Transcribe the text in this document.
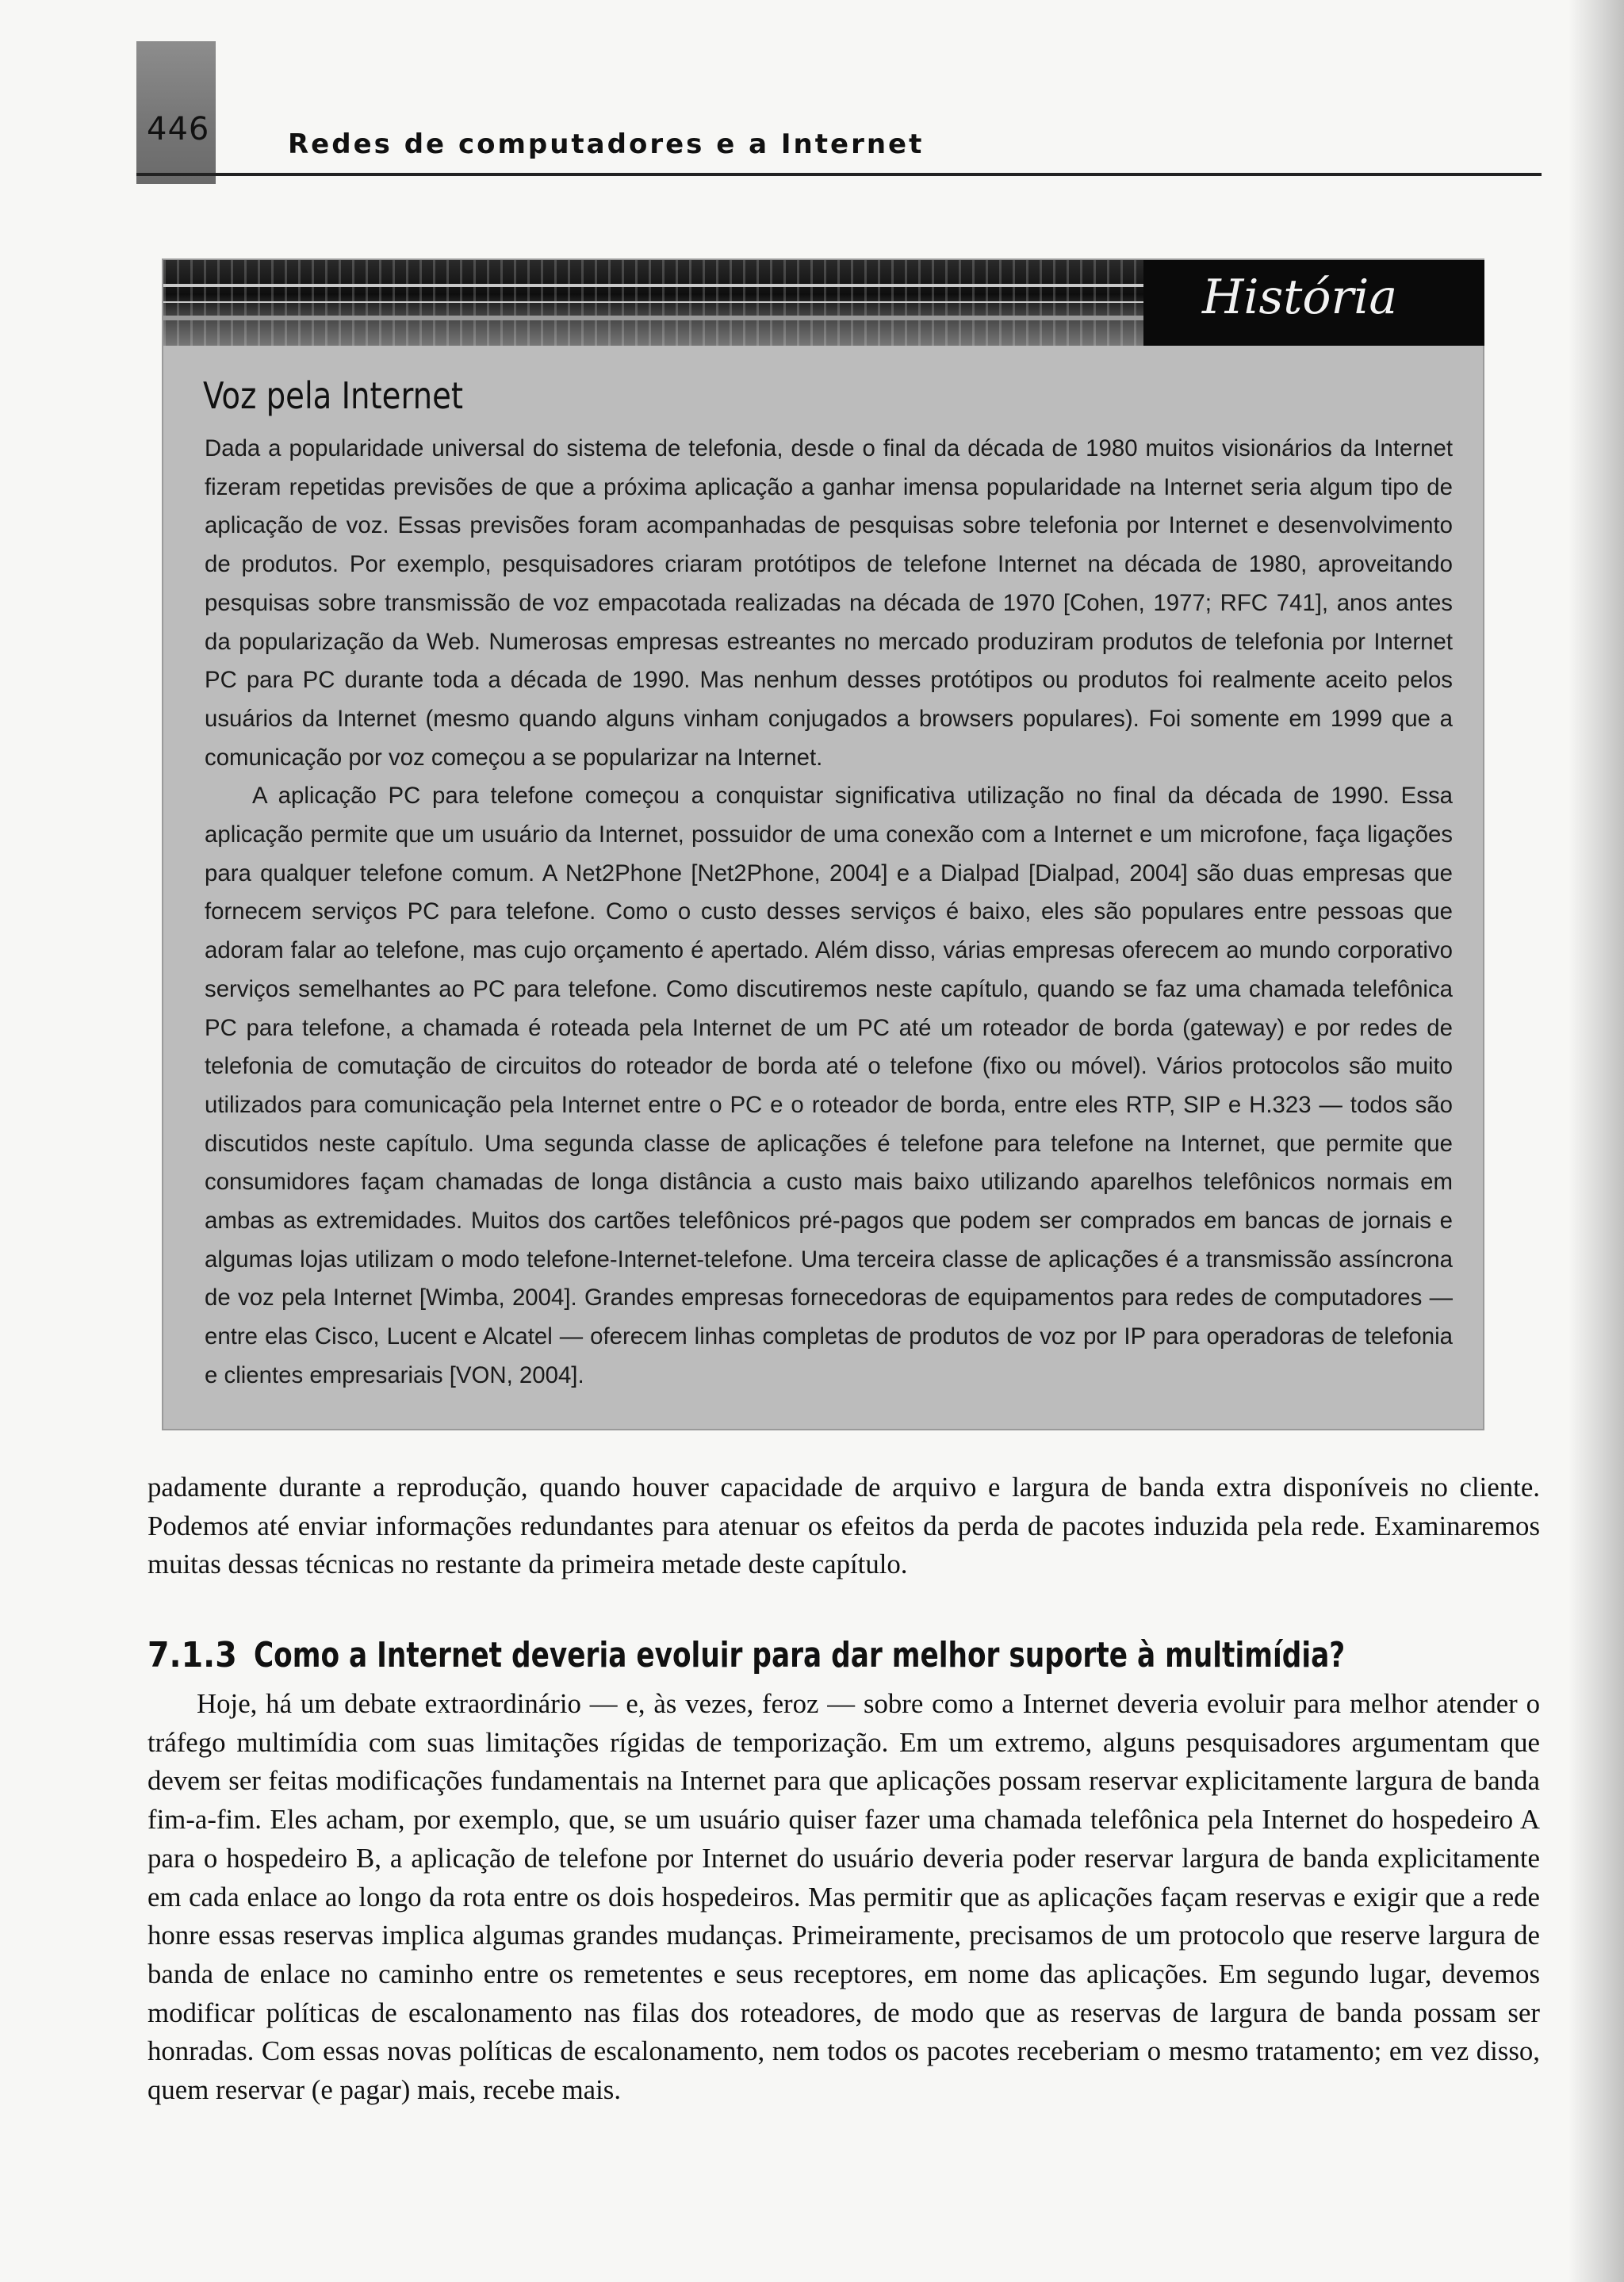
446	Redes de computadores e a Internet
História
Voz pela Internet

Dada a popularidade universal do sistema de telefonia, desde o final da década de 1980 muitos visionários da Internet fizeram repetidas previsões de que a próxima aplicação a ganhar imensa popularidade na Internet seria algum tipo de aplicação de voz. Essas previsões foram acompanhadas de pesquisas sobre telefonia por Internet e desenvolvimento de produtos. Por exemplo, pesquisadores criaram protótipos de telefone Internet na década de 1980, aproveitando pesquisas sobre transmissão de voz empacotada realizadas na década de 1970 [Cohen, 1977; RFC 741], anos antes da popularização da Web. Numerosas empresas estreantes no mercado produziram produtos de telefonia por Internet PC para PC durante toda a década de 1990. Mas nenhum desses protótipos ou produtos foi realmente aceito pelos usuários da Internet (mesmo quando alguns vinham conjugados a browsers populares). Foi somente em 1999 que a comunicação por voz começou a se popularizar na Internet.

A aplicação PC para telefone começou a conquistar significativa utilização no final da década de 1990. Essa aplicação permite que um usuário da Internet, possuidor de uma conexão com a Internet e um microfone, faça ligações para qualquer telefone comum. A Net2Phone [Net2Phone, 2004] e a Dialpad [Dialpad, 2004] são duas empresas que fornecem serviços PC para telefone. Como o custo desses serviços é baixo, eles são populares entre pessoas que adoram falar ao telefone, mas cujo orçamento é apertado. Além disso, várias empresas oferecem ao mundo corporativo serviços semelhantes ao PC para telefone. Como discutiremos neste capítulo, quando se faz uma chamada telefônica PC para telefone, a chamada é roteada pela Internet de um PC até um roteador de borda (gateway) e por redes de telefonia de comutação de circuitos do roteador de borda até o telefone (fixo ou móvel). Vários protocolos são muito utilizados para comunicação pela Internet entre o PC e o roteador de borda, entre eles RTP, SIP e H.323 — todos são discutidos neste capítulo. Uma segunda classe de aplicações é telefone para telefone na Internet, que permite que consumidores façam chamadas de longa distância a custo mais baixo utilizando aparelhos telefônicos normais em ambas as extremidades. Muitos dos cartões telefônicos pré-pagos que podem ser comprados em bancas de jornais e algumas lojas utilizam o modo telefone-Internet-telefone. Uma terceira classe de aplicações é a transmissão assíncrona de voz pela Internet [Wimba, 2004]. Grandes empresas fornecedoras de equipamentos para redes de computadores — entre elas Cisco, Lucent e Alcatel — oferecem linhas completas de produtos de voz por IP para operadoras de telefonia e clientes empresariais [VON, 2004].

padamente durante a reprodução, quando houver capacidade de arquivo e largura de banda extra disponíveis no cliente. Podemos até enviar informações redundantes para atenuar os efeitos da perda de pacotes induzida pela rede. Examinaremos muitas dessas técnicas no restante da primeira metade deste capítulo.

7.1.3 Como a Internet deveria evoluir para dar melhor suporte à multimídia?

Hoje, há um debate extraordinário — e, às vezes, feroz — sobre como a Internet deveria evoluir para melhor atender o tráfego multimídia com suas limitações rígidas de temporização. Em um extremo, alguns pesquisadores argumentam que devem ser feitas modificações fundamentais na Internet para que aplicações possam reservar explicitamente largura de banda fim-a-fim. Eles acham, por exemplo, que, se um usuário quiser fazer uma chamada telefônica pela Internet do hospedeiro A para o hospedeiro B, a aplicação de telefone por Internet do usuário deveria poder reservar largura de banda explicitamente em cada enlace ao longo da rota entre os dois hospedeiros. Mas permitir que as aplicações façam reservas e exigir que a rede honre essas reservas implica algumas grandes mudanças. Primeiramente, precisamos de um protocolo que reserve largura de banda de enlace no caminho entre os remetentes e seus receptores, em nome das aplicações. Em segundo lugar, devemos modificar políticas de escalonamento nas filas dos roteadores, de modo que as reservas de largura de banda possam ser honradas. Com essas novas políticas de escalonamento, nem todos os pacotes receberiam o mesmo tratamento; em vez disso, quem reservar (e pagar) mais, recebe mais.
